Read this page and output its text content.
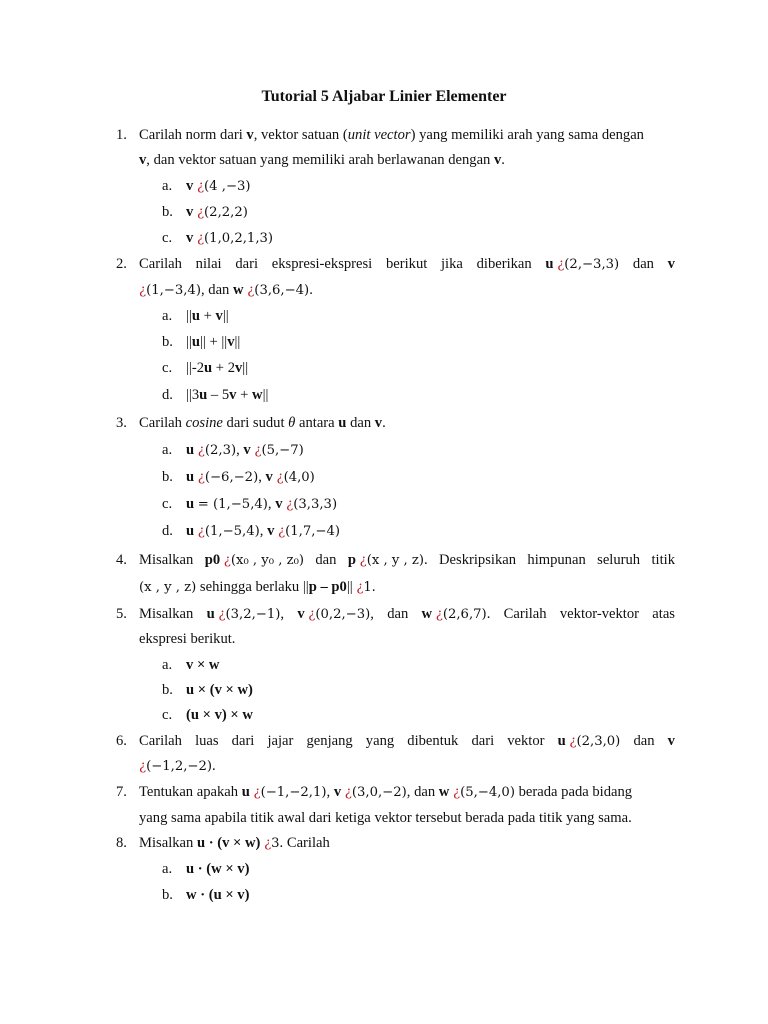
Tutorial 5 Aljabar Linier Elementer
1. Carilah norm dari v, vektor satuan (unit vector) yang memiliki arah yang sama dengan
v, dan vektor satuan yang memiliki arah berlawanan dengan v.
a. v ¿(4 ,−3)
b. v ¿(2,2,2)
c. v ¿(1,0,2,1,3)
2. Carilah nilai dari ekspresi-ekspresi berikut jika diberikan u ¿(2,−3,3) dan v
¿(1,−3,4), dan w ¿(3,6,−4).
a. ||u + v||
b. ||u|| + ||v||
c. ||-2u + 2v||
d. ||3u – 5v + w||
3. Carilah cosine dari sudut θ antara u dan v.
a. u ¿(2,3), v ¿(5,−7)
b. u ¿(−6,−2), v ¿(4,0)
c. u = (1,−5,4), v ¿(3,3,3)
d. u ¿(1,−5,4), v ¿(1,7,−4)
4. Misalkan p0 ¿(x₀ , y₀ , z₀) dan p ¿(x , y , z). Deskripsikan himpunan seluruh titik
(x , y , z) sehingga berlaku ||p – p0|| ¿1.
5. Misalkan u ¿(3,2,−1), v ¿(0,2,−3), dan w ¿(2,6,7). Carilah vektor-vektor atas
ekspresi berikut.
a. v × w
b. u × (v × w)
c. (u × v) × w
6. Carilah luas dari jajar genjang yang dibentuk dari vektor u ¿(2,3,0) dan v
¿(−1,2,−2).
7. Tentukan apakah u ¿(−1,−2,1), v ¿(3,0,−2), dan w ¿(5,−4,0) berada pada bidang
yang sama apabila titik awal dari ketiga vektor tersebut berada pada titik yang sama.
8. Misalkan u · (v × w) ¿3. Carilah
a. u · (w × v)
b. w · (u × v)
